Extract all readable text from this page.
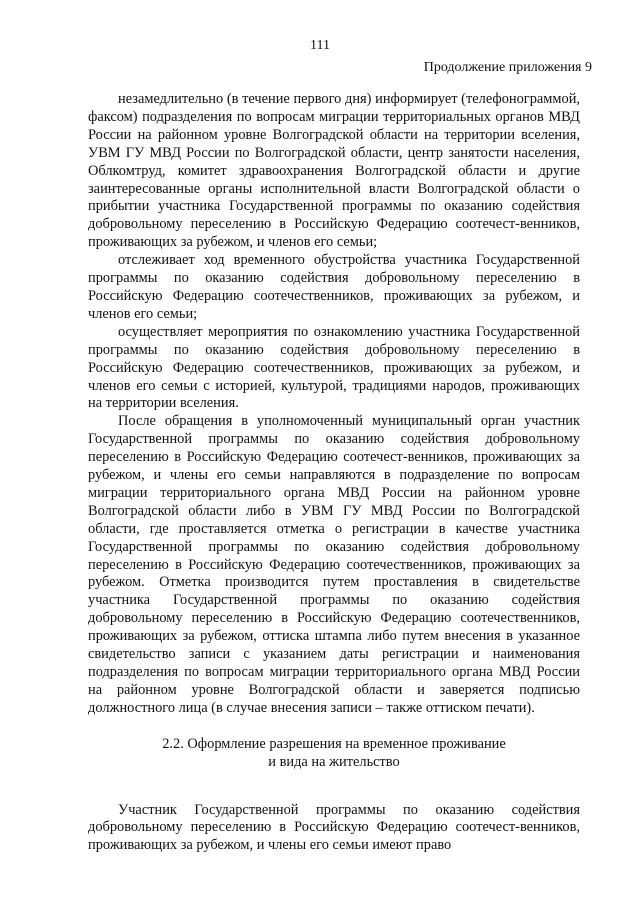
111
Продолжение приложения 9

незамедлительно (в течение первого дня) информирует (телефонограммой, факсом) подразделения по вопросам миграции территориальных органов МВД России на районном уровне Волгоградской области на территории вселения, УВМ ГУ МВД России по Волгоградской области, центр занятости населения, Облкомтруд, комитет здравоохранения Волгоградской области и другие заинтересованные органы исполнительной власти Волгоградской области о прибытии участника Государственной программы по оказанию содействия добровольному переселению в Российскую Федерацию соотечест-венников, проживающих за рубежом, и членов его семьи;

отслеживает ход временного обустройства участника Государственной программы по оказанию содействия добровольному переселению в Российскую Федерацию соотечественников, проживающих за рубежом, и членов его семьи;

осуществляет мероприятия по ознакомлению участника Государственной программы по оказанию содействия добровольному переселению в Российскую Федерацию соотечественников, проживающих за рубежом, и членов его семьи с историей, культурой, традициями народов, проживающих на территории вселения.

После обращения в уполномоченный муниципальный орган участник Государственной программы по оказанию содействия добровольному переселению в Российскую Федерацию соотечест-венников, проживающих за рубежом, и члены его семьи направляются в подразделение по вопросам миграции территориального органа МВД России на районном уровне Волгоградской области либо в УВМ ГУ МВД России по Волгоградской области, где проставляется отметка о регистрации в качестве участника Государственной программы по оказанию содействия добровольному переселению в Российскую Федерацию соотечественников, проживающих за рубежом. Отметка производится путем проставления в свидетельстве участника Государственной программы по оказанию содействия добровольному переселению в Российскую Федерацию соотечественников, проживающих за рубежом, оттиска штампа либо путем внесения в указанное свидетельство записи с указанием даты регистрации и наименования подразделения по вопросам миграции территориального органа МВД России на районном уровне Волгоградской области и заверяется подписью должностного лица (в случае внесения записи – также оттиском печати).

2.2. Оформление разрешения на временное проживание
и вида на жительство

Участник Государственной программы по оказанию содействия добровольному переселению в Российскую Федерацию соотечест-венников, проживающих за рубежом, и члены его семьи имеют право
